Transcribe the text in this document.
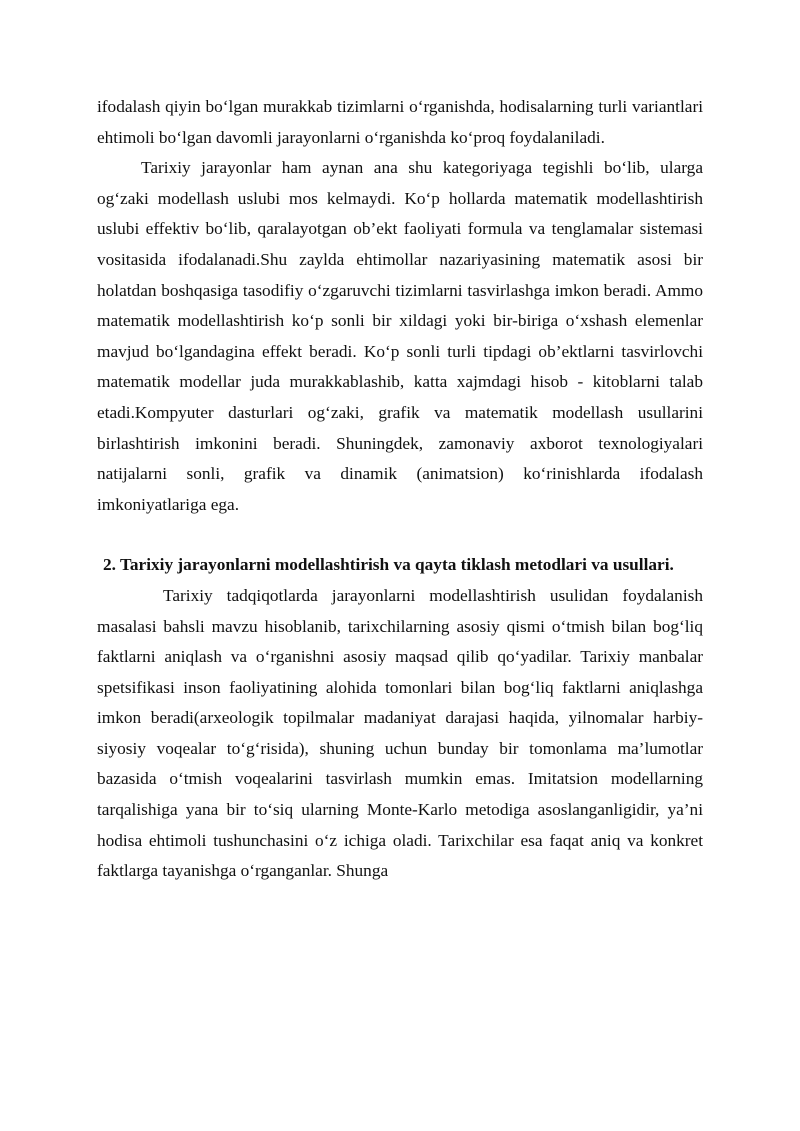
ifodalash qiyin bo‘lgan murakkab tizimlarni o‘rganishda, hodisalarning turli variantlari ehtimoli bo‘lgan davomli jarayonlarni o‘rganishda ko‘proq foydalaniladi.

Tarixiy jarayonlar ham aynan ana shu kategoriyaga tegishli bo‘lib, ularga og‘zaki modellash uslubi mos kelmaydi. Ko‘p hollarda matematik modellashtirish uslubi effektiv bo‘lib, qaralayotgan ob’ekt faoliyati formula va tenglamalar sistemasi vositasida ifodalanadi.Shu zaylda ehtimollar nazariyasining matematik asosi bir holatdan boshqasiga tasodifiy o‘zgaruvchi tizimlarni tasvirlashga imkon beradi. Ammo matematik modellashtirish ko‘p sonli bir xildagi yoki bir-biriga o‘xshash elemenlar mavjud bo‘lgandagina effekt beradi. Ko‘p sonli turli tipdagi ob’ektlarni tasvirlovchi matematik modellar juda murakkablashib, katta xajmdagi hisob - kitoblarni talab etadi.Kompyuter dasturlari og‘zaki, grafik va matematik modellash usullarini birlashtirish imkonini beradi. Shuningdek, zamonaviy axborot texnologiyalari natijalarni sonli, grafik va dinamik (animatsion) ko‘rinishlarda ifodalash imkoniyatlariga ega.

2. Tarixiy jarayonlarni modellashtirish va qayta tiklash metodlari va usullari.

Tarixiy tadqiqotlarda jarayonlarni modellashtirish usulidan foydalanish masalasi bahsli mavzu hisoblanib, tarixchilarning asosiy qismi o‘tmish bilan bog‘liq faktlarni aniqlash va o‘rganishni asosiy maqsad qilib qo‘yadilar. Tarixiy manbalar spetsifikasi inson faoliyatining alohida tomonlari bilan bog‘liq faktlarni aniqlashga imkon beradi(arxeologik topilmalar madaniyat darajasi haqida, yilnomalar harbiy-siyosiy voqealar to‘g‘risida), shuning uchun bunday bir tomonlama ma’lumotlar bazasida o‘tmish voqealarini tasvirlash mumkin emas. Imitatsion modellarning tarqalishiga yana bir to‘siq ularning Monte-Karlo metodiga asoslanganligidir, ya’ni hodisa ehtimoli tushunchasini o‘z ichiga oladi. Tarixchilar esa faqat aniq va konkret faktlarga tayanishga o‘rganganlar. Shunga
